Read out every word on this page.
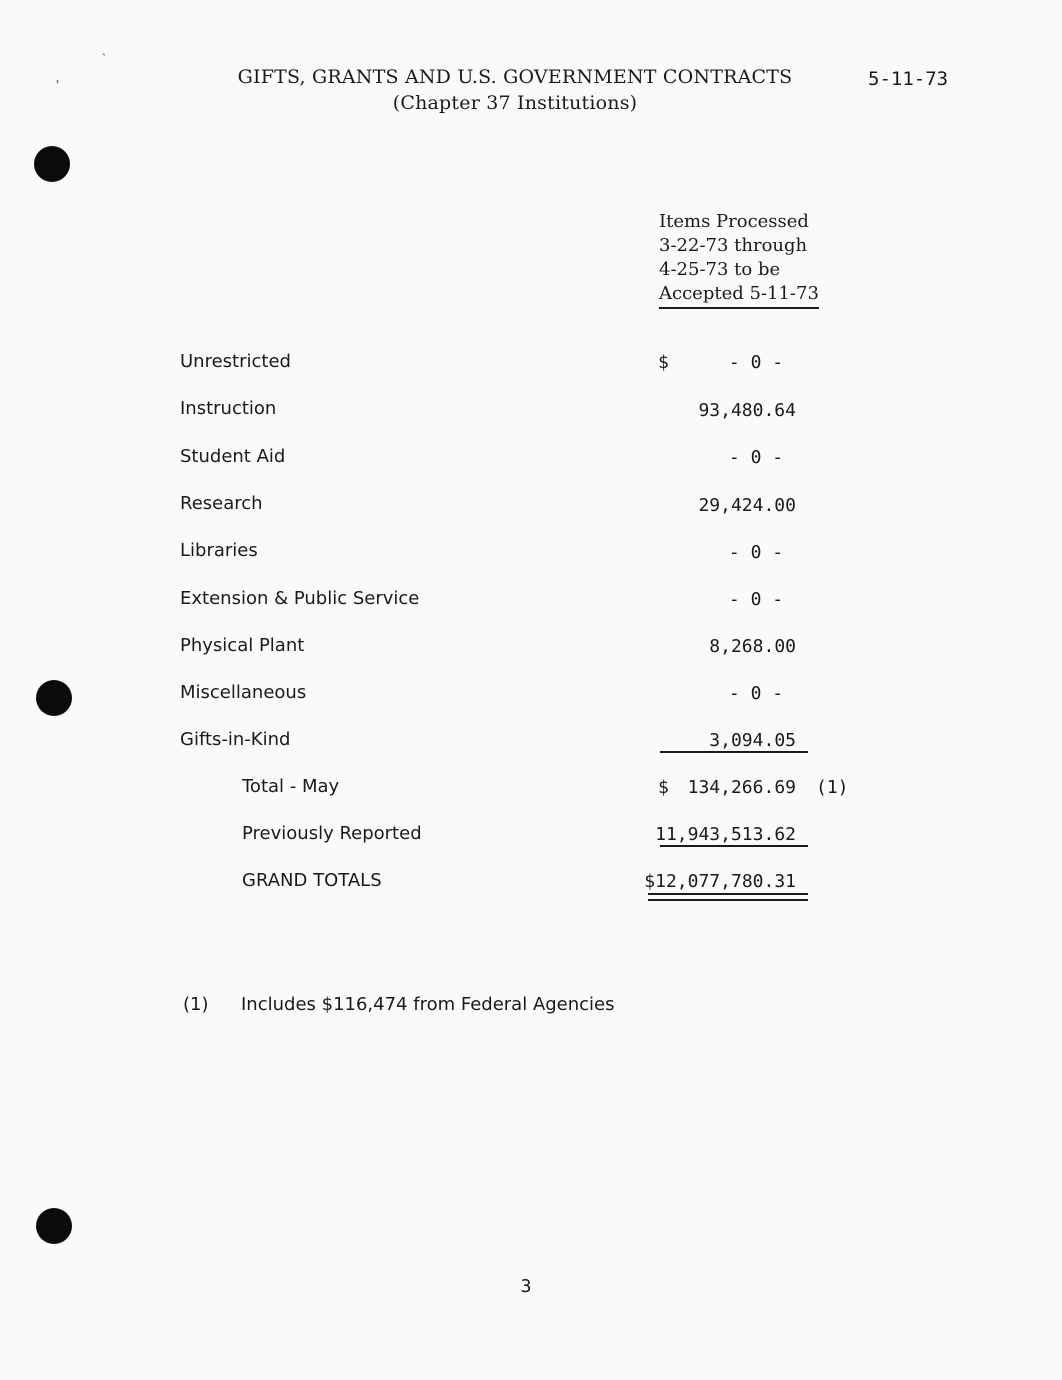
ˎ
ʿ	GIFTS, GRANTS AND U.S. GOVERNMENT CONTRACTS
(Chapter 37 Institutions)
5-11-73
Items Processed
3-22-73 through
4-25-73 to be
Accepted 5-11-73
Unrestricted	$	- 0 -
Instruction	93,480.64
Student Aid	- 0 -
Research	29,424.00
Libraries	- 0 -
Extension & Public Service	- 0 -
Physical Plant	8,268.00
Miscellaneous	- 0 -
Gifts-in-Kind	3,094.05
Total - May	$	134,266.69 (1)
Previously Reported	11,943,513.62
GRAND TOTALS	$12,077,780.31
(1) Includes $116,474 from Federal Agencies
3
